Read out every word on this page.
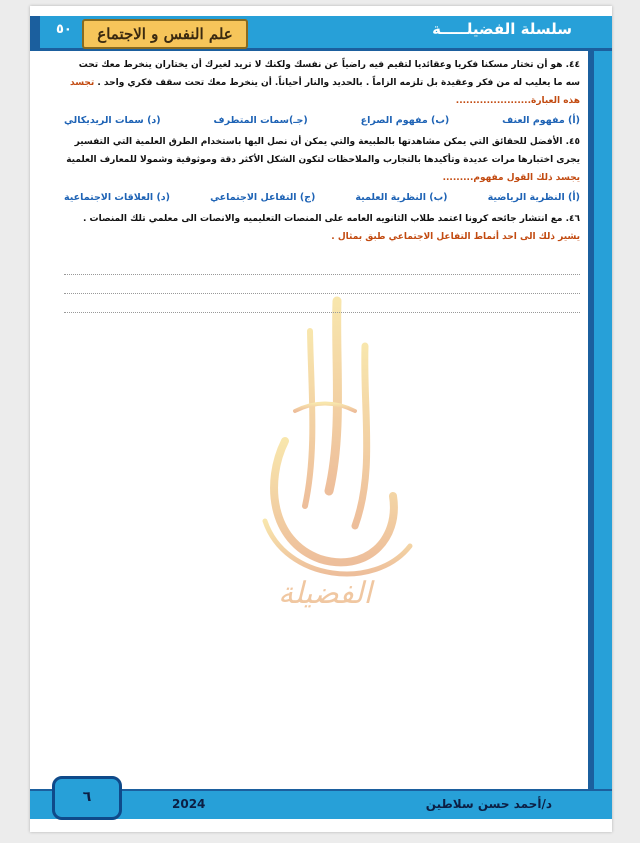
سلسلة الفضيلـــــة
٥٠	علم النفس و الاجتماع
الفضيلة

٤٤. هو أن تختار مسكنا فكريا وعقائديا لتقيم فيه راضياً عن نفسك ولكنك لا تريد لغيرك أن يختاران ينخرط معك تحت سه ما يعليب له من فكر وعقيدة بل تلزمه الزاماً . بالحديد والنار أحياناً. أن ينخرط معك تحت سقف فكري واحد . تجسد هذه العبارة......................

(أ) مفهوم العنف
(ب) مفهوم الصراع
(جـ)سمات المتطرف
(د) سمات الريديكالي

٤٥. الأفضل للحقائق التي يمكن مشاهدتها بالطبيعة والتي يمكن أن نصل اليها باستخدام الطرق العلمية التي التفسير يجرى اختبارها مرات عديدة وتأكيدها بالتجارب والملاحظات لتكون الشكل الأكثر دقة وموثوقية وشمولا للمعارف العلمية يجسد ذلك القول مفهوم.........

(أ) النظرية الرياضية
(ب) النظرية العلمية
(ج) التفاعل الاجتماعي
(د) العلاقات الاجتماعية

٤٦. مع انتشار جائحه كرونا اعتمد طلاب الثانويه العامه على المنصات التعليميه والانصات الى معلمي تلك المنصات . يشير ذلك الى احد أنماط التفاعل الاجتماعي طبق بمثال .

د/أحمد حسن سلاطين
2024
٦
